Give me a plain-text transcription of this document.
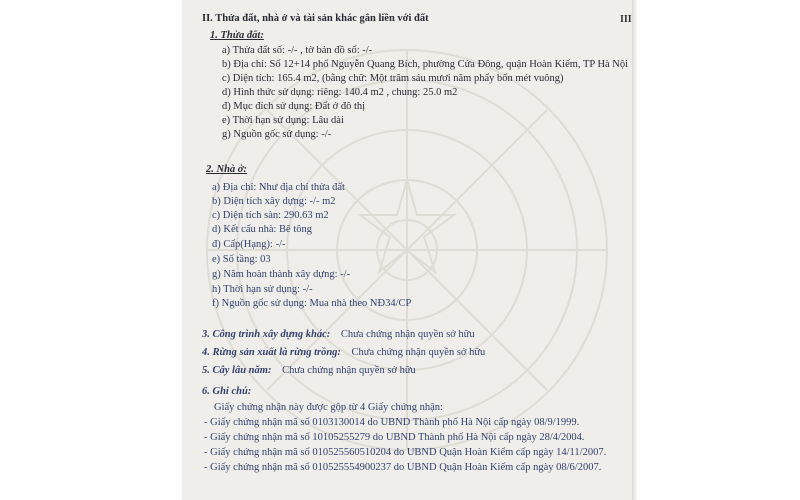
II. Thửa đất, nhà ở và tài sản khác gắn liền với đất
1. Thửa đất:
a) Thửa đất số: -/- , tờ bản đồ số: -/-
b) Địa chỉ: Số 12+14 phố Nguyễn Quang Bích, phường Cửa Đông, quận Hoàn Kiếm, TP Hà Nội
c) Diện tích: 165.4 m2, (bằng chữ: Một trăm sáu mươi năm phẩy bốn mét vuông)
d) Hình thức sử dụng: riêng: 140.4 m2 , chung: 25.0 m2
đ) Mục đích sử dụng: Đất ở đô thị
e) Thời hạn sử dụng: Lâu dài
g) Nguồn gốc sử dụng: -/-
2. Nhà ở:
a) Địa chỉ: Như địa chỉ thửa đất
b) Diện tích xây dựng: -/- m2
c) Diện tích sàn: 290.63 m2
d) Kết cấu nhà: Bê tông
đ) Cấp(Hạng): -/-
e) Số tầng: 03
g) Năm hoàn thành xây dựng: -/-
h) Thời hạn sử dụng: -/-
f) Nguồn gốc sử dụng: Mua nhà theo NĐ34/CP
3. Công trình xây dựng khác: Chưa chứng nhận quyền sở hữu
4. Rừng sản xuất là rừng trồng: Chưa chứng nhận quyền sở hữu
5. Cây lâu năm: Chưa chứng nhận quyền sở hữu
6. Ghi chú:
Giấy chứng nhận này được gộp từ 4 Giấy chứng nhận:
- Giấy chứng nhận mã số 0103130014 do UBND Thành phố Hà Nội cấp ngày 08/9/1999.
- Giấy chứng nhận mã số 10105255279 do UBND Thành phố Hà Nội cấp ngày 28/4/2004.
- Giấy chứng nhận mã số 010525560510204 do UBND Quận Hoàn Kiếm cấp ngày 14/11/2007.
- Giấy chứng nhận mã số 010525554900237 do UBND Quận Hoàn Kiếm cấp ngày 08/6/2007.
III
